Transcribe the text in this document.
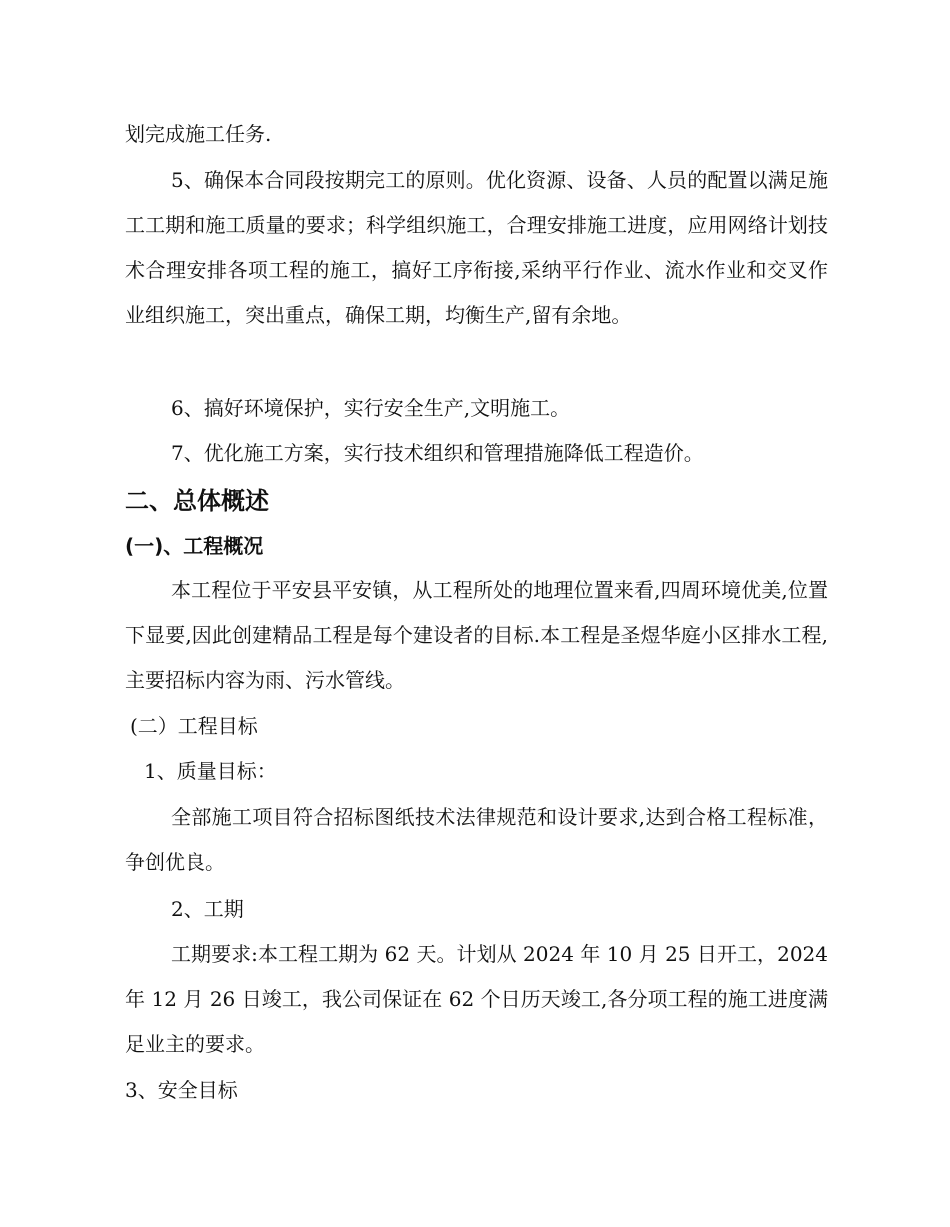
划完成施工任务.
5、确保本合同段按期完工的原则。优化资源、设备、人员的配置以满足施工工期和施工质量的要求；科学组织施工，合理安排施工进度，应用网络计划技术合理安排各项工程的施工，搞好工序衔接,采纳平行作业、流水作业和交叉作业组织施工，突出重点，确保工期，均衡生产,留有余地。
6、搞好环境保护，实行安全生产,文明施工。
7、优化施工方案，实行技术组织和管理措施降低工程造价。
二、总体概述
(一)、工程概况
本工程位于平安县平安镇，从工程所处的地理位置来看,四周环境优美,位置下显要,因此创建精品工程是每个建设者的目标.本工程是圣煜华庭小区排水工程,主要招标内容为雨、污水管线。
(二）工程目标
1、质量目标：
全部施工项目符合招标图纸技术法律规范和设计要求,达到合格工程标准，争创优良。
2、工期
工期要求:本工程工期为 62 天。计划从 2024 年 10 月 25 日开工，2024 年 12 月 26 日竣工，我公司保证在 62 个日历天竣工,各分项工程的施工进度满足业主的要求。
3、安全目标
